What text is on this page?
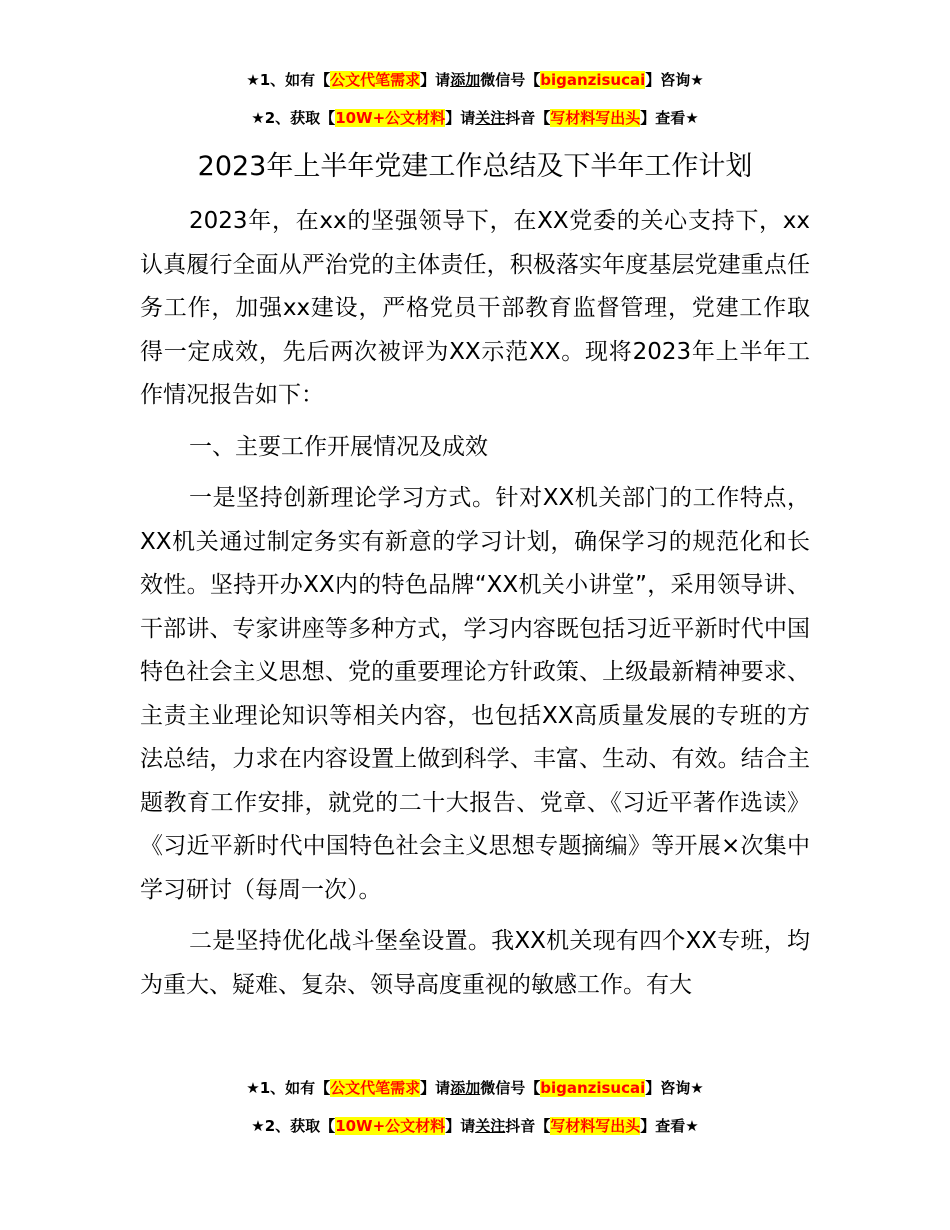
★1、如有【公文代笔需求】请添加微信号【biganzisucai】咨询★
★2、获取【10W+公文材料】请关注抖音【写材料写出头】查看★
2023年上半年党建工作总结及下半年工作计划

2023年，在xx的坚强领导下，在XX党委的关心支持下，xx认真履行全面从严治党的主体责任，积极落实年度基层党建重点任务工作，加强xx建设，严格党员干部教育监督管理，党建工作取得一定成效，先后两次被评为XX示范XX。现将2023年上半年工作情况报告如下：

一、主要工作开展情况及成效

一是坚持创新理论学习方式。针对XX机关部门的工作特点，XX机关通过制定务实有新意的学习计划，确保学习的规范化和长效性。坚持开办XX内的特色品牌“XX机关小讲堂”，采用领导讲、干部讲、专家讲座等多种方式，学习内容既包括习近平新时代中国特色社会主义思想、党的重要理论方针政策、上级最新精神要求、主责主业理论知识等相关内容，也包括XX高质量发展的专班的方法总结，力求在内容设置上做到科学、丰富、生动、有效。结合主题教育工作安排，就党的二十大报告、党章、《习近平著作选读》《习近平新时代中国特色社会主义思想专题摘编》等开展×次集中学习研讨（每周一次）。

二是坚持优化战斗堡垒设置。我XX机关现有四个XX专班，均为重大、疑难、复杂、领导高度重视的敏感工作。有大

★1、如有【公文代笔需求】请添加微信号【biganzisucai】咨询★
★2、获取【10W+公文材料】请关注抖音【写材料写出头】查看★
